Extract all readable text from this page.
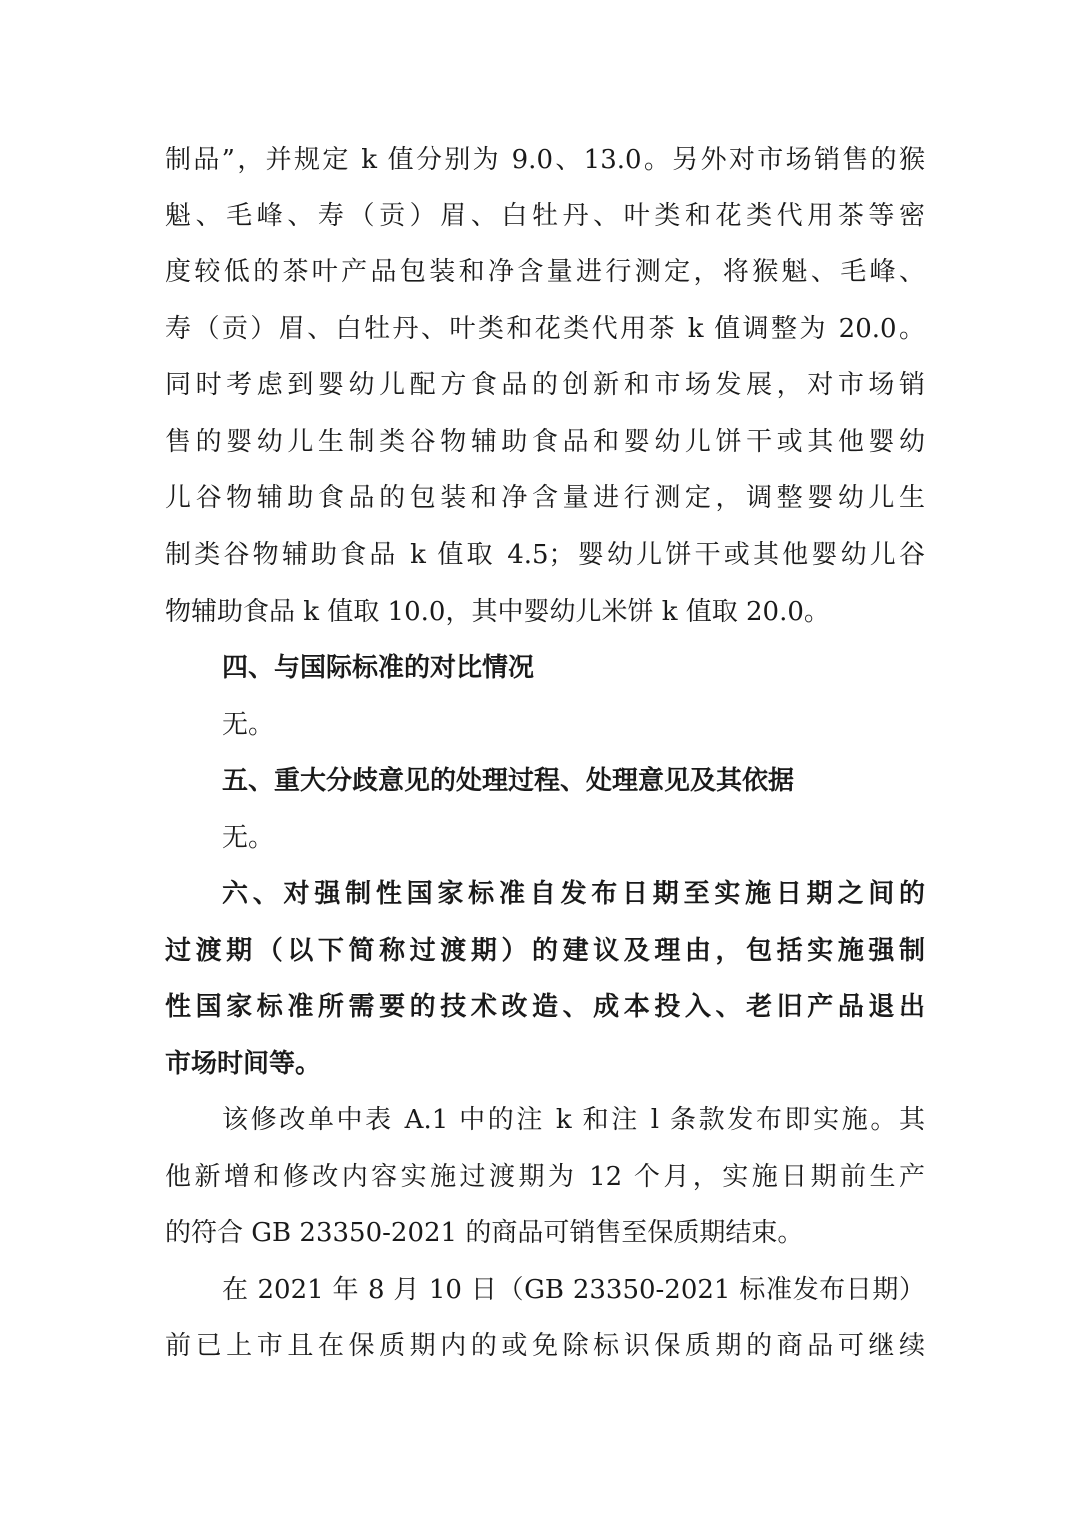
制品”，并规定 k 值分别为 9.0、13.0。另外对市场销售的猴
魁、毛峰、寿（贡）眉、白牡丹、叶类和花类代用茶等密
度较低的茶叶产品包装和净含量进行测定，将猴魁、毛峰、
寿（贡）眉、白牡丹、叶类和花类代用茶 k 值调整为 20.0。
同时考虑到婴幼儿配方食品的创新和市场发展，对市场销
售的婴幼儿生制类谷物辅助食品和婴幼儿饼干或其他婴幼
儿谷物辅助食品的包装和净含量进行测定，调整婴幼儿生
制类谷物辅助食品 k 值取 4.5；婴幼儿饼干或其他婴幼儿谷
物辅助食品 k 值取 10.0，其中婴幼儿米饼 k 值取 20.0。
四、与国际标准的对比情况
无。
五、重大分歧意见的处理过程、处理意见及其依据
无。
六、对强制性国家标准自发布日期至实施日期之间的
过渡期（以下简称过渡期）的建议及理由，包括实施强制
性国家标准所需要的技术改造、成本投入、老旧产品退出
市场时间等。
该修改单中表 A.1 中的注 k 和注 l 条款发布即实施。其
他新增和修改内容实施过渡期为 12 个月，实施日期前生产
的符合 GB 23350-2021 的商品可销售至保质期结束。
在 2021 年 8 月 10 日（GB 23350-2021 标准发布日期）
前已上市且在保质期内的或免除标识保质期的商品可继续
